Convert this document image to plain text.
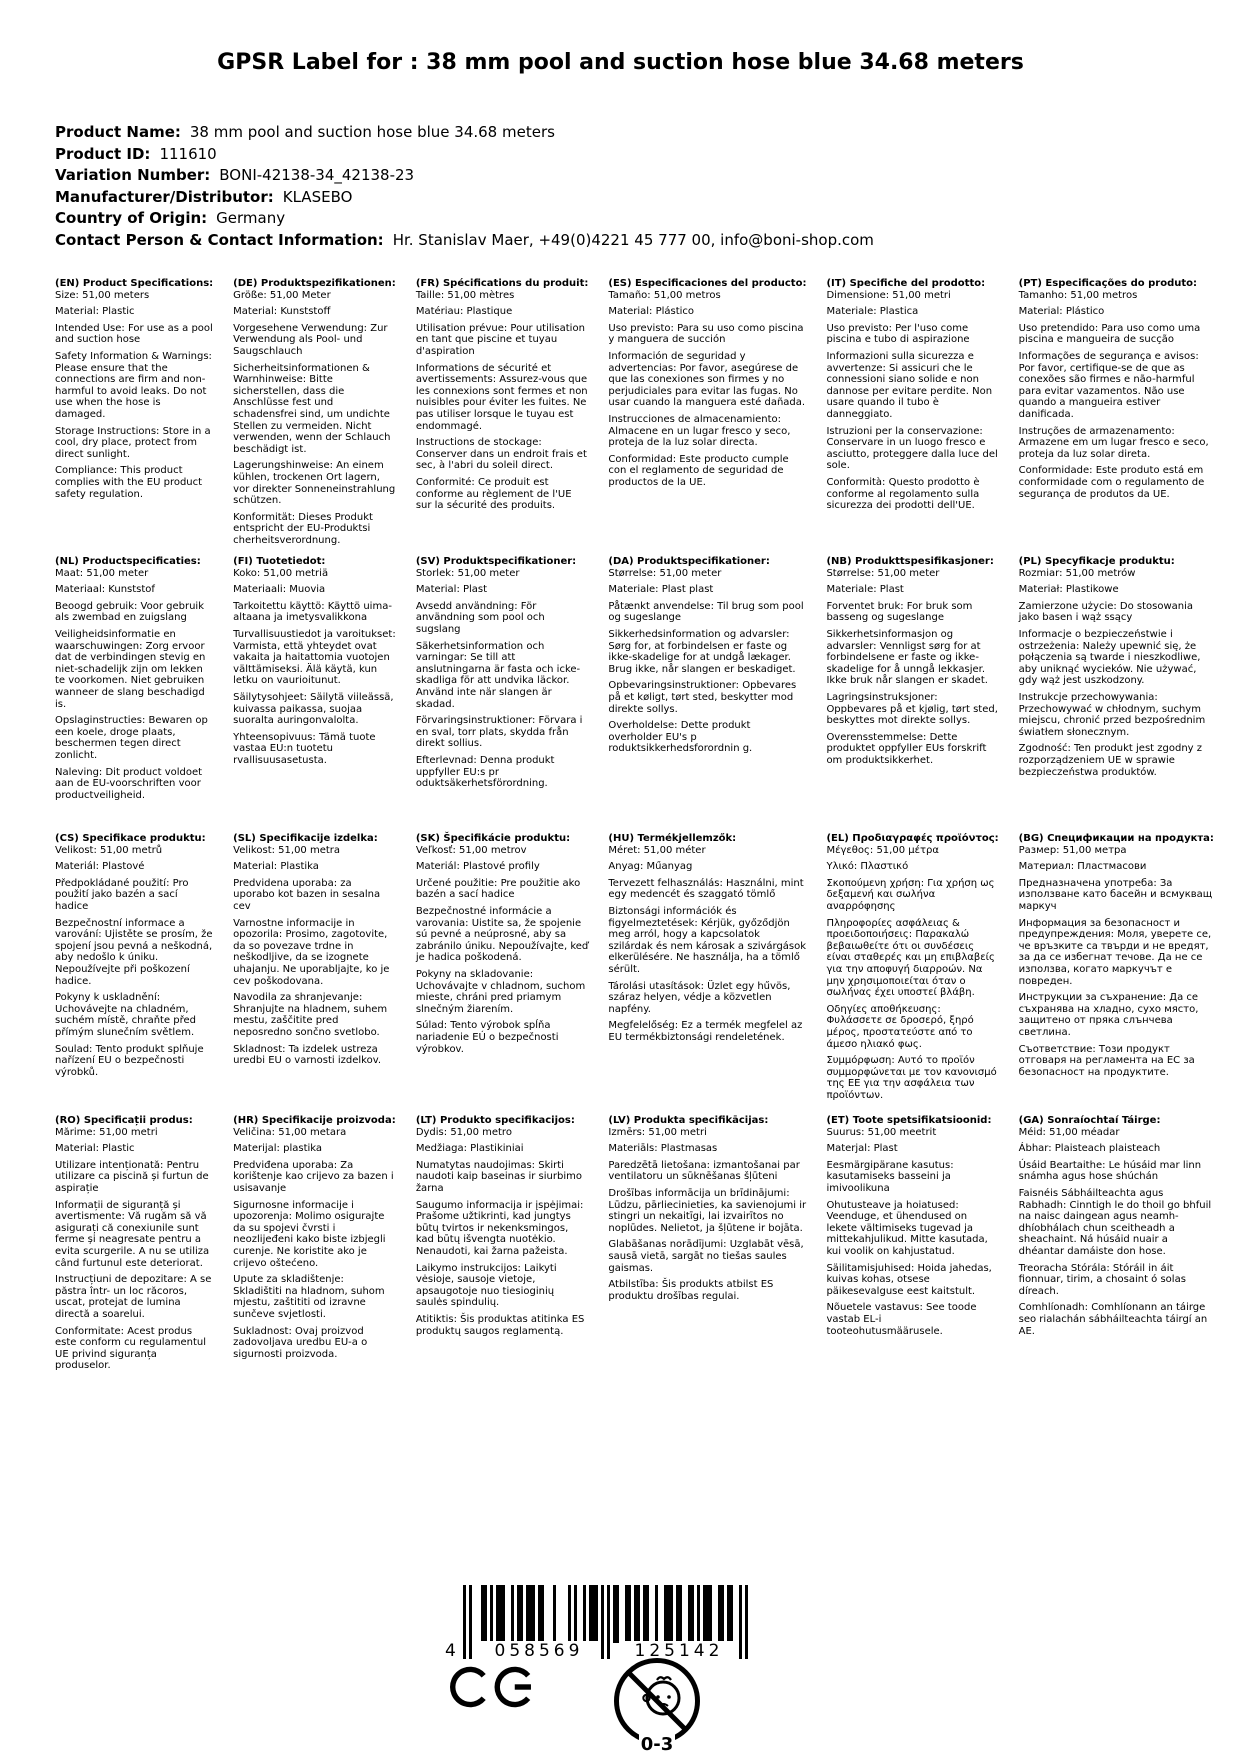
GPSR Label for : 38 mm pool and suction hose blue 34.68 meters
Product Name: 38 mm pool and suction hose blue 34.68 meters
Product ID: 111610
Variation Number: BONI-42138-34_42138-23
Manufacturer/Distributor: KLASEBO
Country of Origin: Germany
Contact Person & Contact Information: Hr. Stanislav Maer, +49(0)4221 45 777 00, info@boni-shop.com
(EN) Product Specifications:

Size: 51,00 meters

Material: Plastic

Intended Use: For use as a pool and suction hose

Safety Information & Warnings: Please ensure that the connections are firm and non-harmful to avoid leaks. Do not use when the hose is damaged.

Storage Instructions: Store in a cool, dry place, protect from direct sunlight.

Compliance: This product complies with the EU product safety regulation.

(DE) Produktspezifikationen:

Größe: 51,00 Meter

Material: Kunststoff

Vorgesehene Verwendung: Zur Verwendung als Pool- und Saugschlauch

Sicherheitsinformationen & Warnhinweise: Bitte sicherstellen, dass die Anschlüsse fest und schadensfrei sind, um undichte Stellen zu vermeiden. Nicht verwenden, wenn der Schlauch beschädigt ist.

Lagerungshinweise: An einem kühlen, trockenen Ort lagern, vor direkter Sonneneinstrahlung schützen.

Konformität: Dieses Produkt entspricht der EU-Produktsi cherheitsverordnung.

(FR) Spécifications du produit:

Taille: 51,00 mètres

Matériau: Plastique

Utilisation prévue: Pour utilisation en tant que piscine et tuyau d'aspiration

Informations de sécurité et avertissements: Assurez-vous que les connexions sont fermes et non nuisibles pour éviter les fuites. Ne pas utiliser lorsque le tuyau est endommagé.

Instructions de stockage: Conserver dans un endroit frais et sec, à l'abri du soleil direct.

Conformité: Ce produit est conforme au règlement de l'UE sur la sécurité des produits.

(ES) Especificaciones del producto:

Tamaño: 51,00 metros

Material: Plástico

Uso previsto: Para su uso como piscina y manguera de succión

Información de seguridad y advertencias: Por favor, asegúrese de que las conexiones son firmes y no perjudiciales para evitar las fugas. No usar cuando la manguera esté dañada.

Instrucciones de almacenamiento: Almacene en un lugar fresco y seco, proteja de la luz solar directa.

Conformidad: Este producto cumple con el reglamento de seguridad de productos de la UE.

(IT) Specifiche del prodotto:

Dimensione: 51,00 metri

Materiale: Plastica

Uso previsto: Per l'uso come piscina e tubo di aspirazione

Informazioni sulla sicurezza e avvertenze: Si assicuri che le connessioni siano solide e non dannose per evitare perdite. Non usare quando il tubo è danneggiato.

Istruzioni per la conservazione: Conservare in un luogo fresco e asciutto, proteggere dalla luce del sole.

Conformità: Questo prodotto è conforme al regolamento sulla sicurezza dei prodotti dell'UE.

(PT) Especificações do produto:

Tamanho: 51,00 metros

Material: Plástico

Uso pretendido: Para uso como uma piscina e mangueira de sucção

Informações de segurança e avisos: Por favor, certifique-se de que as conexões são firmes e não-harmful para evitar vazamentos. Não use quando a mangueira estiver danificada.

Instruções de armazenamento: Armazene em um lugar fresco e seco, proteja da luz solar direta.

Conformidade: Este produto está em conformidade com o regulamento de segurança de produtos da UE.

(NL) Productspecificaties:

Maat: 51,00 meter

Materiaal: Kunststof

Beoogd gebruik: Voor gebruik als zwembad en zuigslang

Veiligheidsinformatie en waarschuwingen: Zorg ervoor dat de verbindingen stevig en niet-schadelijk zijn om lekken te voorkomen. Niet gebruiken wanneer de slang beschadigd is.

Opslaginstructies: Bewaren op een koele, droge plaats, beschermen tegen direct zonlicht.

Naleving: Dit product voldoet aan de EU-voorschriften voor productveiligheid.

(FI) Tuotetiedot:

Koko: 51,00 metriä

Materiaali: Muovia

Tarkoitettu käyttö: Käyttö uima-altaana ja imetysvalikkona

Turvallisuustiedot ja varoitukset: Varmista, että yhteydet ovat vakaita ja haitattomia vuotojen välttämiseksi. Älä käytä, kun letku on vaurioitunut.

Säilytysohjeet: Säilytä viileässä, kuivassa paikassa, suojaa suoralta auringonvalolta.

Yhteensopivuus: Tämä tuote vastaa EU:n tuotetu rvallisuusasetusta.

(SV) Produktspecifikationer:

Storlek: 51,00 meter

Material: Plast

Avsedd användning: För användning som pool och sugslang

Säkerhetsinformation och varningar: Se till att anslutningarna är fasta och icke-skadliga för att undvika läckor. Använd inte när slangen är skadad.

Förvaringsinstruktioner: Förvara i en sval, torr plats, skydda från direkt sollius.

Efterlevnad: Denna produkt uppfyller EU:s pr oduktsäkerhetsförordning.

(DA) Produktspecifikationer:

Størrelse: 51,00 meter

Materiale: Plast plast

Påtænkt anvendelse: Til brug som pool og sugeslange

Sikkerhedsinformation og advarsler: Sørg for, at forbindelsen er faste og ikke-skadelige for at undgå lækager. Brug ikke, når slangen er beskadiget.

Opbevaringsinstruktioner: Opbevares på et køligt, tørt sted, beskytter mod direkte sollys.

Overholdelse: Dette produkt overholder EU's p roduktsikkerhedsforordnin g.

(NB) Produkttspesifikasjoner:

Størrelse: 51,00 meter

Materiale: Plast

Forventet bruk: For bruk som basseng og sugeslange

Sikkerhetsinformasjon og advarsler: Vennligst sørg for at forbindelsene er faste og ikke-skadelige for å unngå lekkasjer. Ikke bruk når slangen er skadet.

Lagringsinstruksjoner: Oppbevares på et kjølig, tørt sted, beskyttes mot direkte sollys.

Overensstemmelse: Dette produktet oppfyller EUs forskrift om produktsikkerhet.

(PL) Specyfikacje produktu:

Rozmiar: 51,00 metrów

Materiał: Plastikowe

Zamierzone użycie: Do stosowania jako basen i wąż ssący

Informacje o bezpieczeństwie i ostrzeżenia: Należy upewnić się, że połączenia są twarde i nieszkodliwe, aby uniknąć wycieków. Nie używać, gdy wąż jest uszkodzony.

Instrukcje przechowywania: Przechowywać w chłodnym, suchym miejscu, chronić przed bezpośrednim światłem słonecznym.

Zgodność: Ten produkt jest zgodny z rozporządzeniem UE w sprawie bezpieczeństwa produktów.

(CS) Specifikace produktu:

Velikost: 51,00 metrů

Materiál: Plastové

Předpokládané použití: Pro použití jako bazén a sací hadice

Bezpečnostní informace a varování: Ujistěte se prosím, že spojení jsou pevná a neškodná, aby nedošlo k úniku. Nepoužívejte při poškození hadice.

Pokyny k uskladnění: Uchovávejte na chladném, suchém místě, chraňte před přímým slunečním světlem.

Soulad: Tento produkt splňuje nařízení EU o bezpečnosti výrobků.

(SL) Specifikacije izdelka:

Velikost: 51,00 metra

Material: Plastika

Predvidena uporaba: za uporabo kot bazen in sesalna cev

Varnostne informacije in opozorila: Prosimo, zagotovite, da so povezave trdne in neškodljive, da se izognete uhajanju. Ne uporabljajte, ko je cev poškodovana.

Navodila za shranjevanje: Shranjujte na hladnem, suhem mestu, zaščitite pred neposredno sončno svetlobo.

Skladnost: Ta izdelek ustreza uredbi EU o varnosti izdelkov.

(SK) Špecifikácie produktu:

Veľkosť: 51,00 metrov

Materiál: Plastové profily

Určené použitie: Pre použitie ako bazén a sací hadice

Bezpečnostné informácie a varovania: Uistite sa, že spojenie sú pevné a neúprosné, aby sa zabránilo úniku. Nepoužívajte, keď je hadica poškodená.

Pokyny na skladovanie: Uchovávajte v chladnom, suchom mieste, chráni pred priamym slnečným žiarením.

Súlad: Tento výrobok spĺňa nariadenie EÚ o bezpečnosti výrobkov.

(HU) Termékjellemzők:

Méret: 51,00 méter

Anyag: Műanyag

Tervezett felhasználás: Használni, mint egy medencét és szaggató tömlő

Biztonsági információk és figyelmeztetések: Kérjük, győződjön meg arról, hogy a kapcsolatok szilárdak és nem károsak a szivárgások elkerülésére. Ne használja, ha a tömlő sérült.

Tárolási utasítások: Üzlet egy hűvös, száraz helyen, védje a közvetlen napfény.

Megfelelőség: Ez a termék megfelel az EU termékbiztonsági rendeletének.

(EL) Προδιαγραφές προϊόντος:

Μέγεθος: 51,00 μέτρα

Υλικό: Πλαστικό

Σκοπούμενη χρήση: Για χρήση ως δεξαμενή και σωλήνα αναρρόφησης

Πληροφορίες ασφάλειας & προειδοποιήσεις: Παρακαλώ βεβαιωθείτε ότι οι συνδέσεις είναι σταθερές και μη επιβλαβείς για την αποφυγή διαρροών. Να μην χρησιμοποιείται όταν ο σωλήνας έχει υποστεί βλάβη.

Οδηγίες αποθήκευσης: Φυλάσσετε σε δροσερό, ξηρό μέρος, προστατεύστε από το άμεσο ηλιακό φως.

Συμμόρφωση: Αυτό το προϊόν συμμορφώνεται με τον κανονισμό της ΕΕ για την ασφάλεια των προϊόντων.

(BG) Спецификации на продукта:

Размер: 51,00 метра

Материал: Пластмасови

Предназначена употреба: За използване като басейн и всмукващ маркуч

Информация за безопасност и предупреждения: Моля, уверете се, че връзките са твърди и не вредят, за да се избегнат течове. Да не се използва, когато маркучът е повреден.

Инструкции за съхранение: Да се съхранява на хладно, сухо място, защитено от пряка слънчева светлина.

Съответствие: Този продукт отговаря на регламента на ЕС за безопасност на продуктите.

(RO) Specificații produs:

Mărime: 51,00 metri

Material: Plastic

Utilizare intenționată: Pentru utilizare ca piscină și furtun de aspirație

Informații de siguranță și avertismente: Vă rugăm să vă asigurați că conexiunile sunt ferme și neagresate pentru a evita scurgerile. A nu se utiliza când furtunul este deteriorat.

Instrucțiuni de depozitare: A se păstra într- un loc răcoros, uscat, protejat de lumina directă a soarelui.

Conformitate: Acest produs este conform cu regulamentul UE privind siguranța produselor.

(HR) Specifikacije proizvoda:

Veličina: 51,00 metara

Materijal: plastika

Predviđena uporaba: Za korištenje kao crijevo za bazen i usisavanje

Sigurnosne informacije i upozorenja: Molimo osigurajte da su spojevi čvrsti i neozlijeđeni kako biste izbjegli curenje. Ne koristite ako je crijevo oštećeno.

Upute za skladištenje: Skladištiti na hladnom, suhom mjestu, zaštititi od izravne sunčeve svjetlosti.

Sukladnost: Ovaj proizvod zadovoljava uredbu EU-a o sigurnosti proizvoda.

(LT) Produkto specifikacijos:

Dydis: 51,00 metro

Medžiaga: Plastikiniai

Numatytas naudojimas: Skirti naudoti kaip baseinas ir siurbimo žarna

Saugumo informacija ir įspėjimai: Prašome užtikrinti, kad jungtys būtų tvirtos ir nekenksmingos, kad būtų išvengta nuotėkio. Nenaudoti, kai žarna pažeista.

Laikymo instrukcijos: Laikyti vėsioje, sausoje vietoje, apsaugotoje nuo tiesioginių saulės spindulių.

Atitiktis: Šis produktas atitinka ES produktų saugos reglamentą.

(LV) Produkta specifikācijas:

Izmērs: 51,00 metri

Materiāls: Plastmasas

Paredzētā lietošana: izmantošanai par ventilatoru un sūknēšanas šļūteni

Drošības informācija un brīdinājumi: Lūdzu, pārliecinieties, ka savienojumi ir stingri un nekaitīgi, lai izvairītos no noplūdes. Nelietot, ja šļūtene ir bojāta.

Glabāšanas norādījumi: Uzglabāt vēsā, sausā vietā, sargāt no tiešas saules gaismas.

Atbilstība: Šis produkts atbilst ES produktu drošības regulai.

(ET) Toote spetsifikatsioonid:

Suurus: 51,00 meetrit

Materjal: Plast

Eesmärgipärane kasutus: kasutamiseks basseini ja imivoolikuna

Ohutusteave ja hoiatused: Veenduge, et ühendused on lekete vältimiseks tugevad ja mittekahjulikud. Mitte kasutada, kui voolik on kahjustatud.

Säilitamisjuhised: Hoida jahedas, kuivas kohas, otsese päikesevalguse eest kaitstult.

Nõuetele vastavus: See toode vastab EL-i tooteohutusmäärusele.

(GA) Sonraíochtaí Táirge:

Méid: 51,00 méadar

Ábhar: Plaisteach plaisteach

Úsáid Beartaithe: Le húsáid mar linn snámha agus hose shúchán

Faisnéis Sábháilteachta agus Rabhadh: Cinntigh le do thoil go bhfuil na naisc daingean agus neamh-dhíobhálach chun sceitheadh a sheachaint. Ná húsáid nuair a dhéantar damáiste don hose.

Treoracha Stórála: Stóráil in áit fionnuar, tirim, a chosaint ó solas díreach.

Comhlíonadh: Comhlíonann an táirge seo rialachán sábháilteachta táirgí an AE.

4	058569	125142
0-3
